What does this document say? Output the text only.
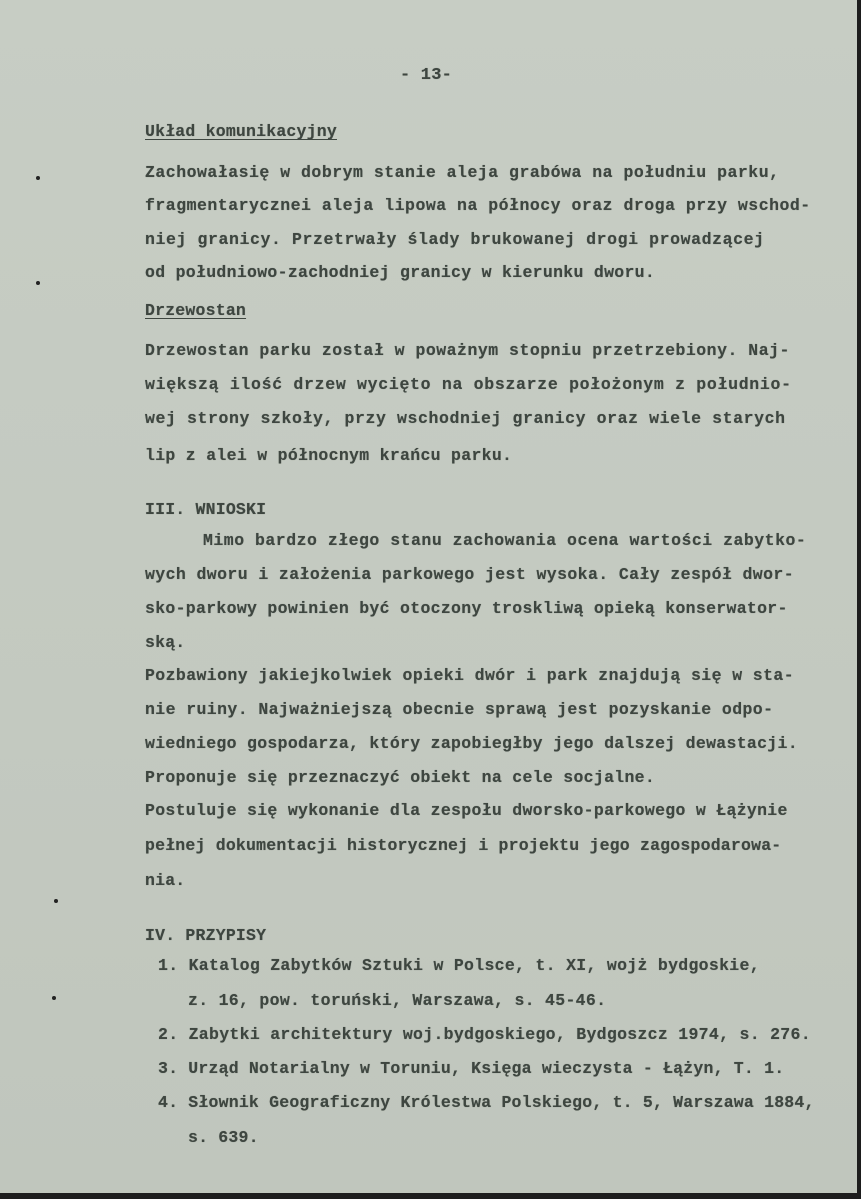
- 13-
Układ komunikacyjny
Zachowałasię w dobrym stanie aleja grabówa na południu parku,
fragmentarycznei aleja lipowa na północy oraz droga przy wschod-
niej granicy. Przetrwały ślady brukowanej drogi prowadzącej
od południowo-zachodniej granicy w kierunku dworu.
Drzewostan
Drzewostan parku został w poważnym stopniu przetrzebiony. Naj-
większą ilość drzew wycięto na obszarze położonym z południo-
wej strony szkoły, przy wschodniej granicy oraz wiele starych
lip z alei w północnym krańcu parku.
III. WNIOSKI
Mimo bardzo złego stanu zachowania ocena wartości zabytko-
wych dworu i założenia parkowego jest wysoka. Cały zespół dwor-
sko-parkowy powinien być otoczony troskliwą opieką konserwator-
ską.
Pozbawiony jakiejkolwiek opieki dwór i park znajdują się w sta-
nie ruiny. Najważniejszą obecnie sprawą jest pozyskanie odpo-
wiedniego gospodarza, który zapobiegłby jego dalszej dewastacji.
Proponuje się przeznaczyć obiekt na cele socjalne.
Postuluje się wykonanie dla zespołu dworsko-parkowego w Łążynie
pełnej dokumentacji historycznej i projektu jego zagospodarowa-
nia.
IV. PRZYPISY
1. Katalog Zabytków Sztuki w Polsce, t. XI, wojż bydgoskie,
z. 16, pow. toruński, Warszawa, s. 45-46.
2. Zabytki architektury woj.bydgoskiego, Bydgoszcz 1974, s. 276.
3. Urząd Notarialny w Toruniu, Księga wieczysta - Łążyn, T. 1.
4. Słownik Geograficzny Królestwa Polskiego, t. 5, Warszawa 1884,
s. 639.
